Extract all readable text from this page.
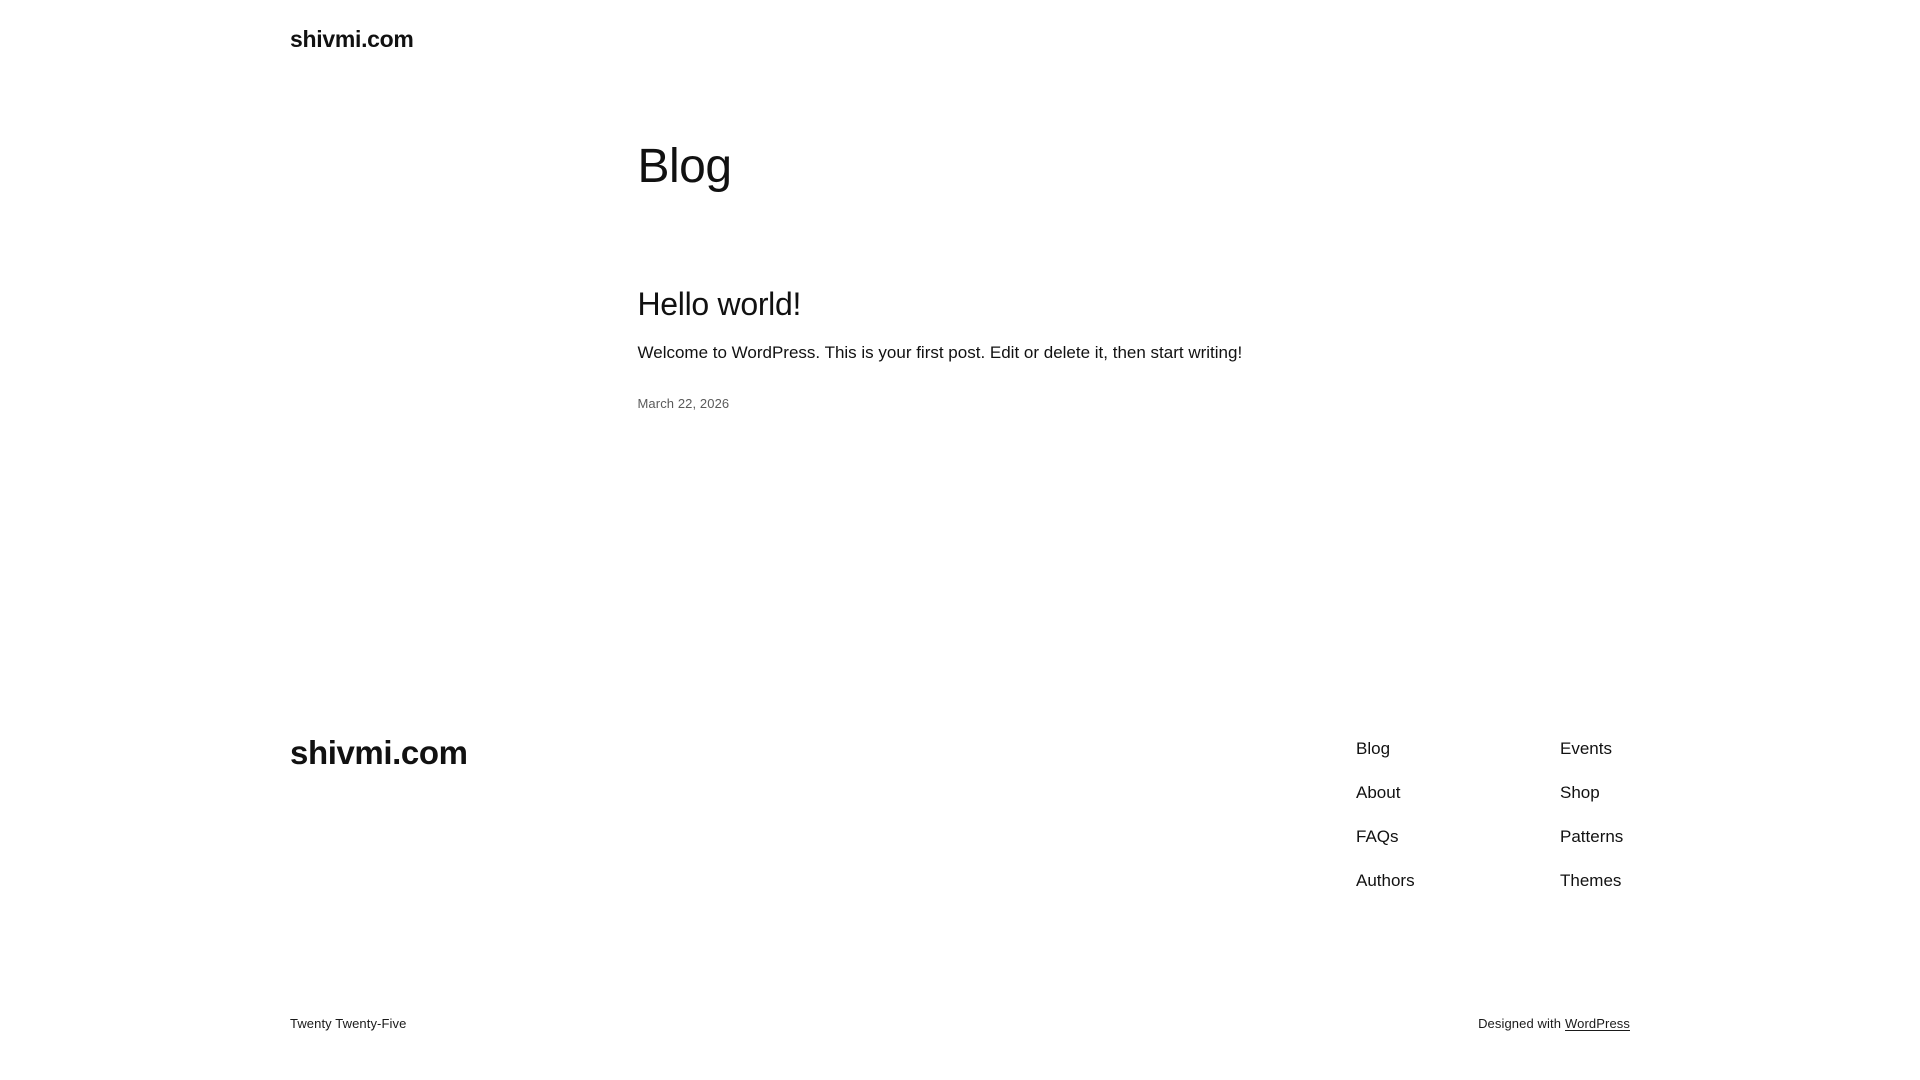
shivmi.com
Blog
Hello world!

Welcome to WordPress. This is your first post. Edit or delete it, then start writing!

March 22, 2026
shivmi.com	Blog
About
FAQs
Authors
Events
Shop
Patterns
Themes
Twenty Twenty-Five	Designed with WordPress
